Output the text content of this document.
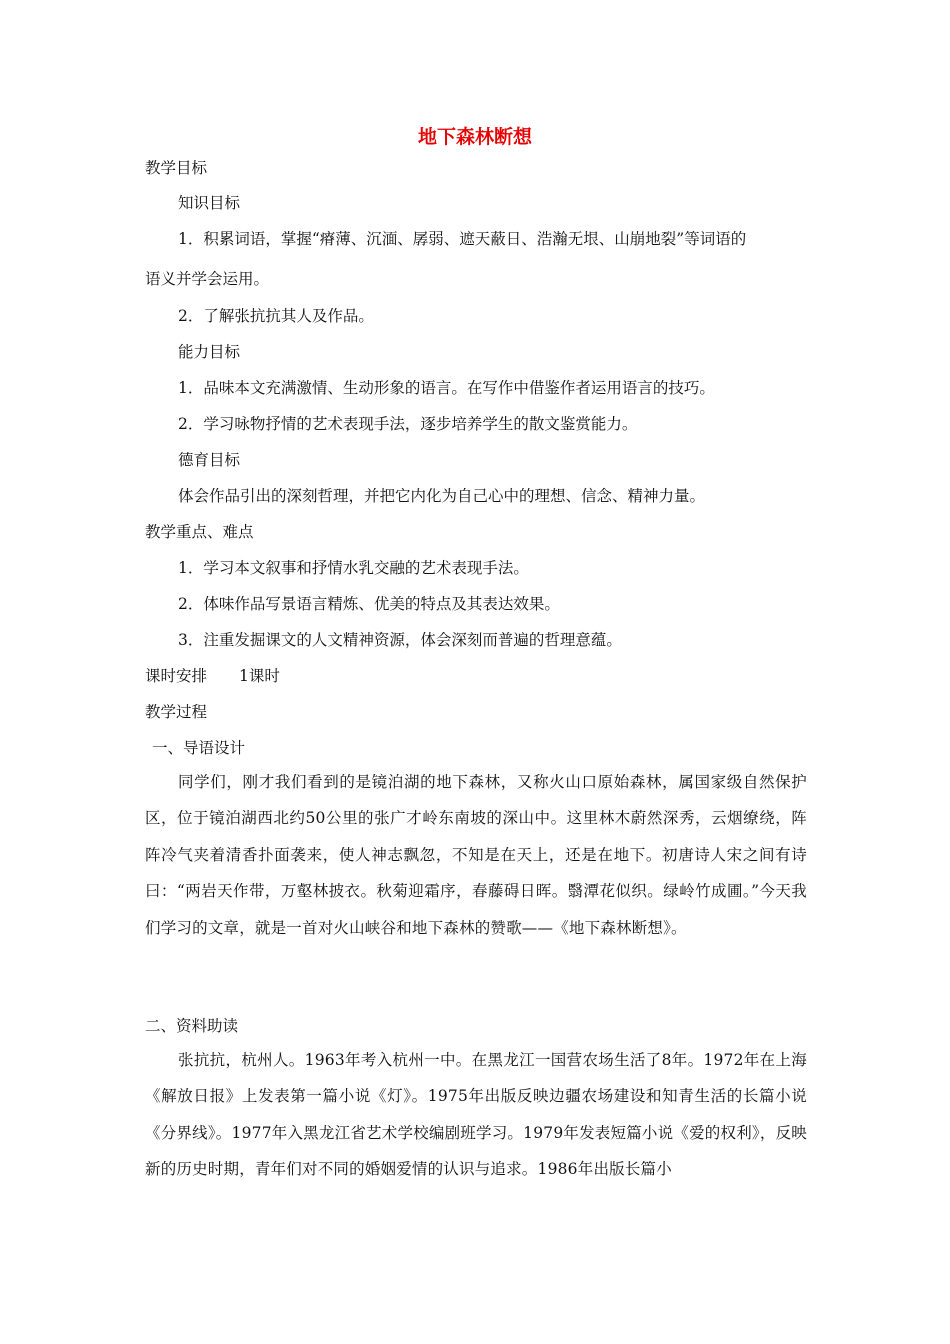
地下森林断想
教学目标
知识目标
1．积累词语，掌握“瘠薄、沉湎、孱弱、遮天蔽日、浩瀚无垠、山崩地裂”等词语的
语义并学会运用。
2．了解张抗抗其人及作品。
能力目标
1．品味本文充满激情、生动形象的语言。在写作中借鉴作者运用语言的技巧。
2．学习咏物抒情的艺术表现手法，逐步培养学生的散文鉴赏能力。
德育目标
体会作品引出的深刻哲理，并把它内化为自己心中的理想、信念、精神力量。
教学重点、难点
1．学习本文叙事和抒情水乳交融的艺术表现手法。
2．体味作品写景语言精炼、优美的特点及其表达效果。
3．注重发掘课文的人文精神资源，体会深刻而普遍的哲理意蕴。
课时安排 1课时
教学过程
一、导语设计
同学们，刚才我们看到的是镜泊湖的地下森林，又称火山口原始森林，属国家级自然保护区，位于镜泊湖西北约50公里的张广才岭东南坡的深山中。这里林木蔚然深秀，云烟缭绕，阵阵冷气夹着清香扑面袭来，使人神志飘忽，不知是在天上，还是在地下。初唐诗人宋之间有诗曰：“两岩天作带，万壑林披衣。秋菊迎霜序，春藤碍日晖。翳潭花似织。绿岭竹成圃。”今天我们学习的文章，就是一首对火山峡谷和地下森林的赞歌——《地下森林断想》。
二、资料助读
张抗抗，杭州人。1963年考入杭州一中。在黑龙江一国营农场生活了8年。1972年在上海《解放日报》上发表第一篇小说《灯》。1975年出版反映边疆农场建设和知青生活的长篇小说《分界线》。1977年入黑龙江省艺术学校编剧班学习。1979年发表短篇小说《爱的权利》，反映新的历史时期，青年们对不同的婚姻爱情的认识与追求。1986年出版长篇小
